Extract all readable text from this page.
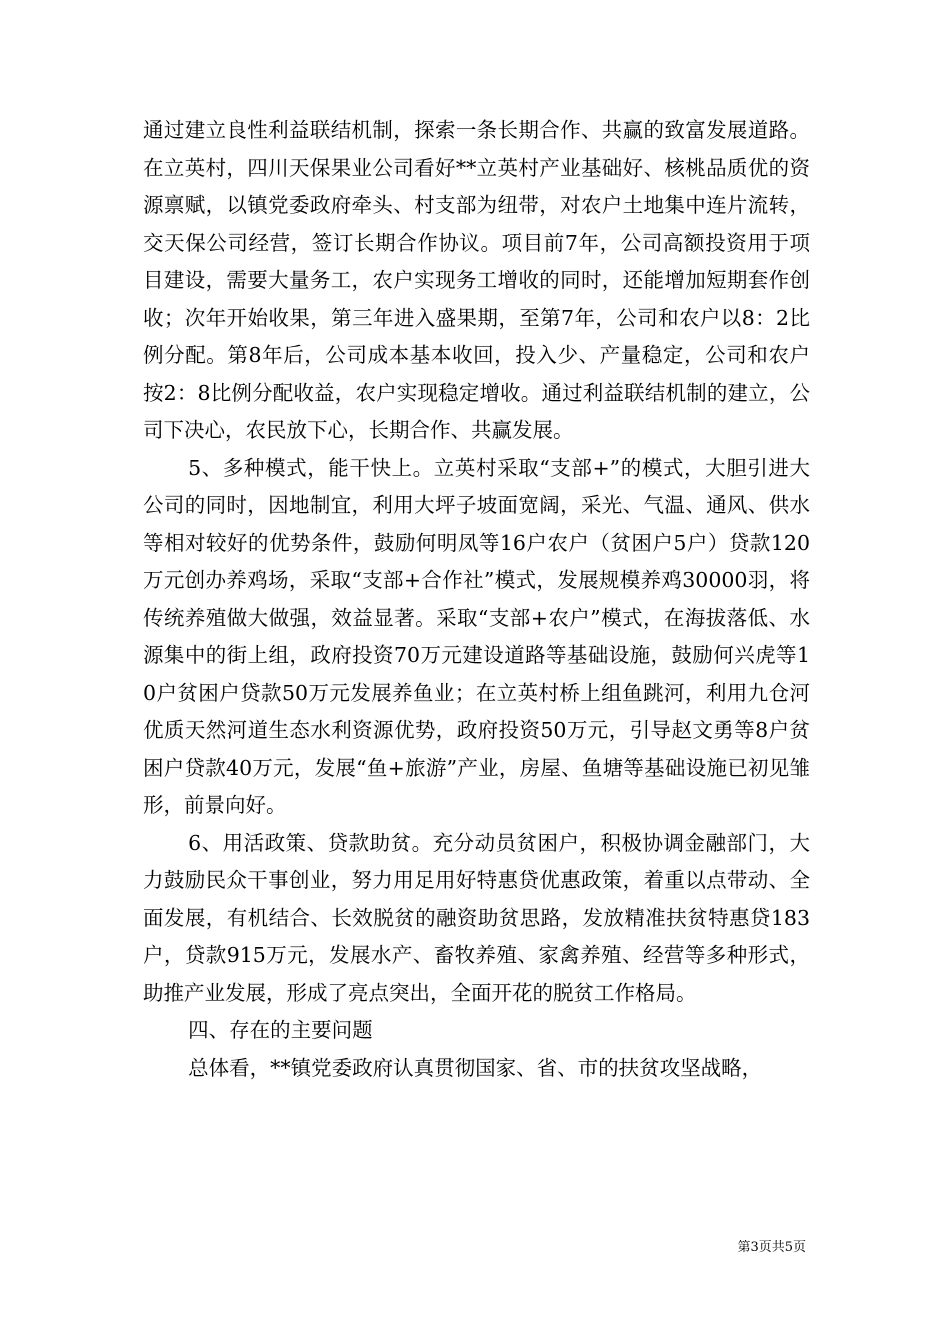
通过建立良性利益联结机制，探索一条长期合作、共赢的致富发展道路。在立英村，四川天保果业公司看好**立英村产业基础好、核桃品质优的资源禀赋，以镇党委政府牵头、村支部为纽带，对农户土地集中连片流转，交天保公司经营，签订长期合作协议。项目前7年，公司高额投资用于项目建设，需要大量务工，农户实现务工增收的同时，还能增加短期套作创收；次年开始收果，第三年进入盛果期，至第7年，公司和农户以8：2比例分配。第8年后，公司成本基本收回，投入少、产量稳定，公司和农户按2：8比例分配收益，农户实现稳定增收。通过利益联结机制的建立，公司下决心，农民放下心，长期合作、共赢发展。

5、多种模式，能干快上。立英村采取“支部+”的模式，大胆引进大公司的同时，因地制宜，利用大坪子坡面宽阔，采光、气温、通风、供水等相对较好的优势条件，鼓励何明凤等16户农户（贫困户5户）贷款120万元创办养鸡场，采取“支部+合作社”模式，发展规模养鸡30000羽，将传统养殖做大做强，效益显著。采取“支部+农户”模式，在海拔落低、水源集中的街上组，政府投资70万元建设道路等基础设施，鼓励何兴虎等10户贫困户贷款50万元发展养鱼业；在立英村桥上组鱼跳河，利用九仓河优质天然河道生态水利资源优势，政府投资50万元，引导赵文勇等8户贫困户贷款40万元，发展“鱼+旅游”产业，房屋、鱼塘等基础设施已初见雏形，前景向好。

6、用活政策、贷款助贫。充分动员贫困户，积极协调金融部门，大力鼓励民众干事创业，努力用足用好特惠贷优惠政策，着重以点带动、全面发展，有机结合、长效脱贫的融资助贫思路，发放精准扶贫特惠贷183户，贷款915万元，发展水产、畜牧养殖、家禽养殖、经营等多种形式，助推产业发展，形成了亮点突出，全面开花的脱贫工作格局。

四、存在的主要问题

总体看，**镇党委政府认真贯彻国家、省、市的扶贫攻坚战略，

第3页共5页
